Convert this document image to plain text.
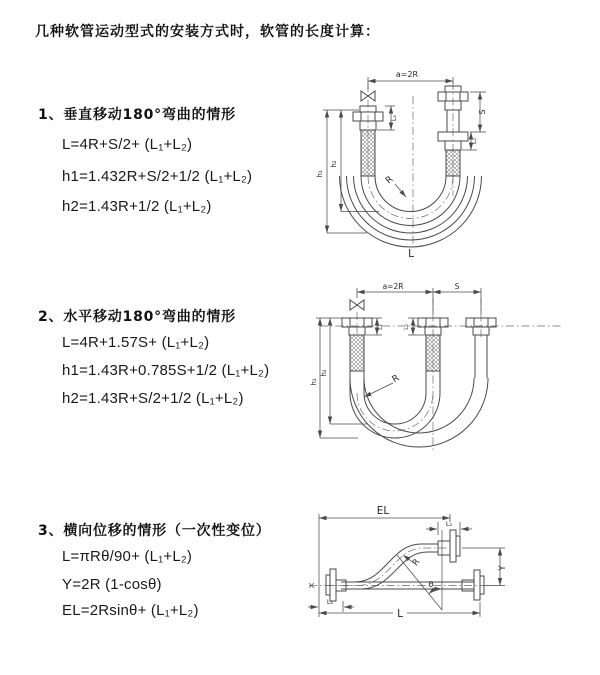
几种软管运动型式的安装方式时，软管的长度计算：
1、垂直移动180°弯曲的情形
L=4R+S/2+ (L₁+L₂)
h1=1.432R+S/2+1/2 (L₁+L₂)
h2=1.43R+1/2 (L₁+L₂)
2、水平移动180°弯曲的情形
L=4R+1.57S+ (L₁+L₂)
h1=1.43R+0.785S+1/2 (L₁+L₂)
h2=1.43R+S/2+1/2 (L₁+L₂)
3、横向位移的情形（一次性变位）
L=πRθ/90+ (L₁+L₂)
Y=2R (1-cosθ)
EL=2Rsinθ+ (L₁+L₂)
a=2R
h₂
h₁
L₁
S
L₂
R
L
a=2R	S
h₂
h₁
L₁	L₂
R
θ
EL
L₂
Y
R
L
L₁
